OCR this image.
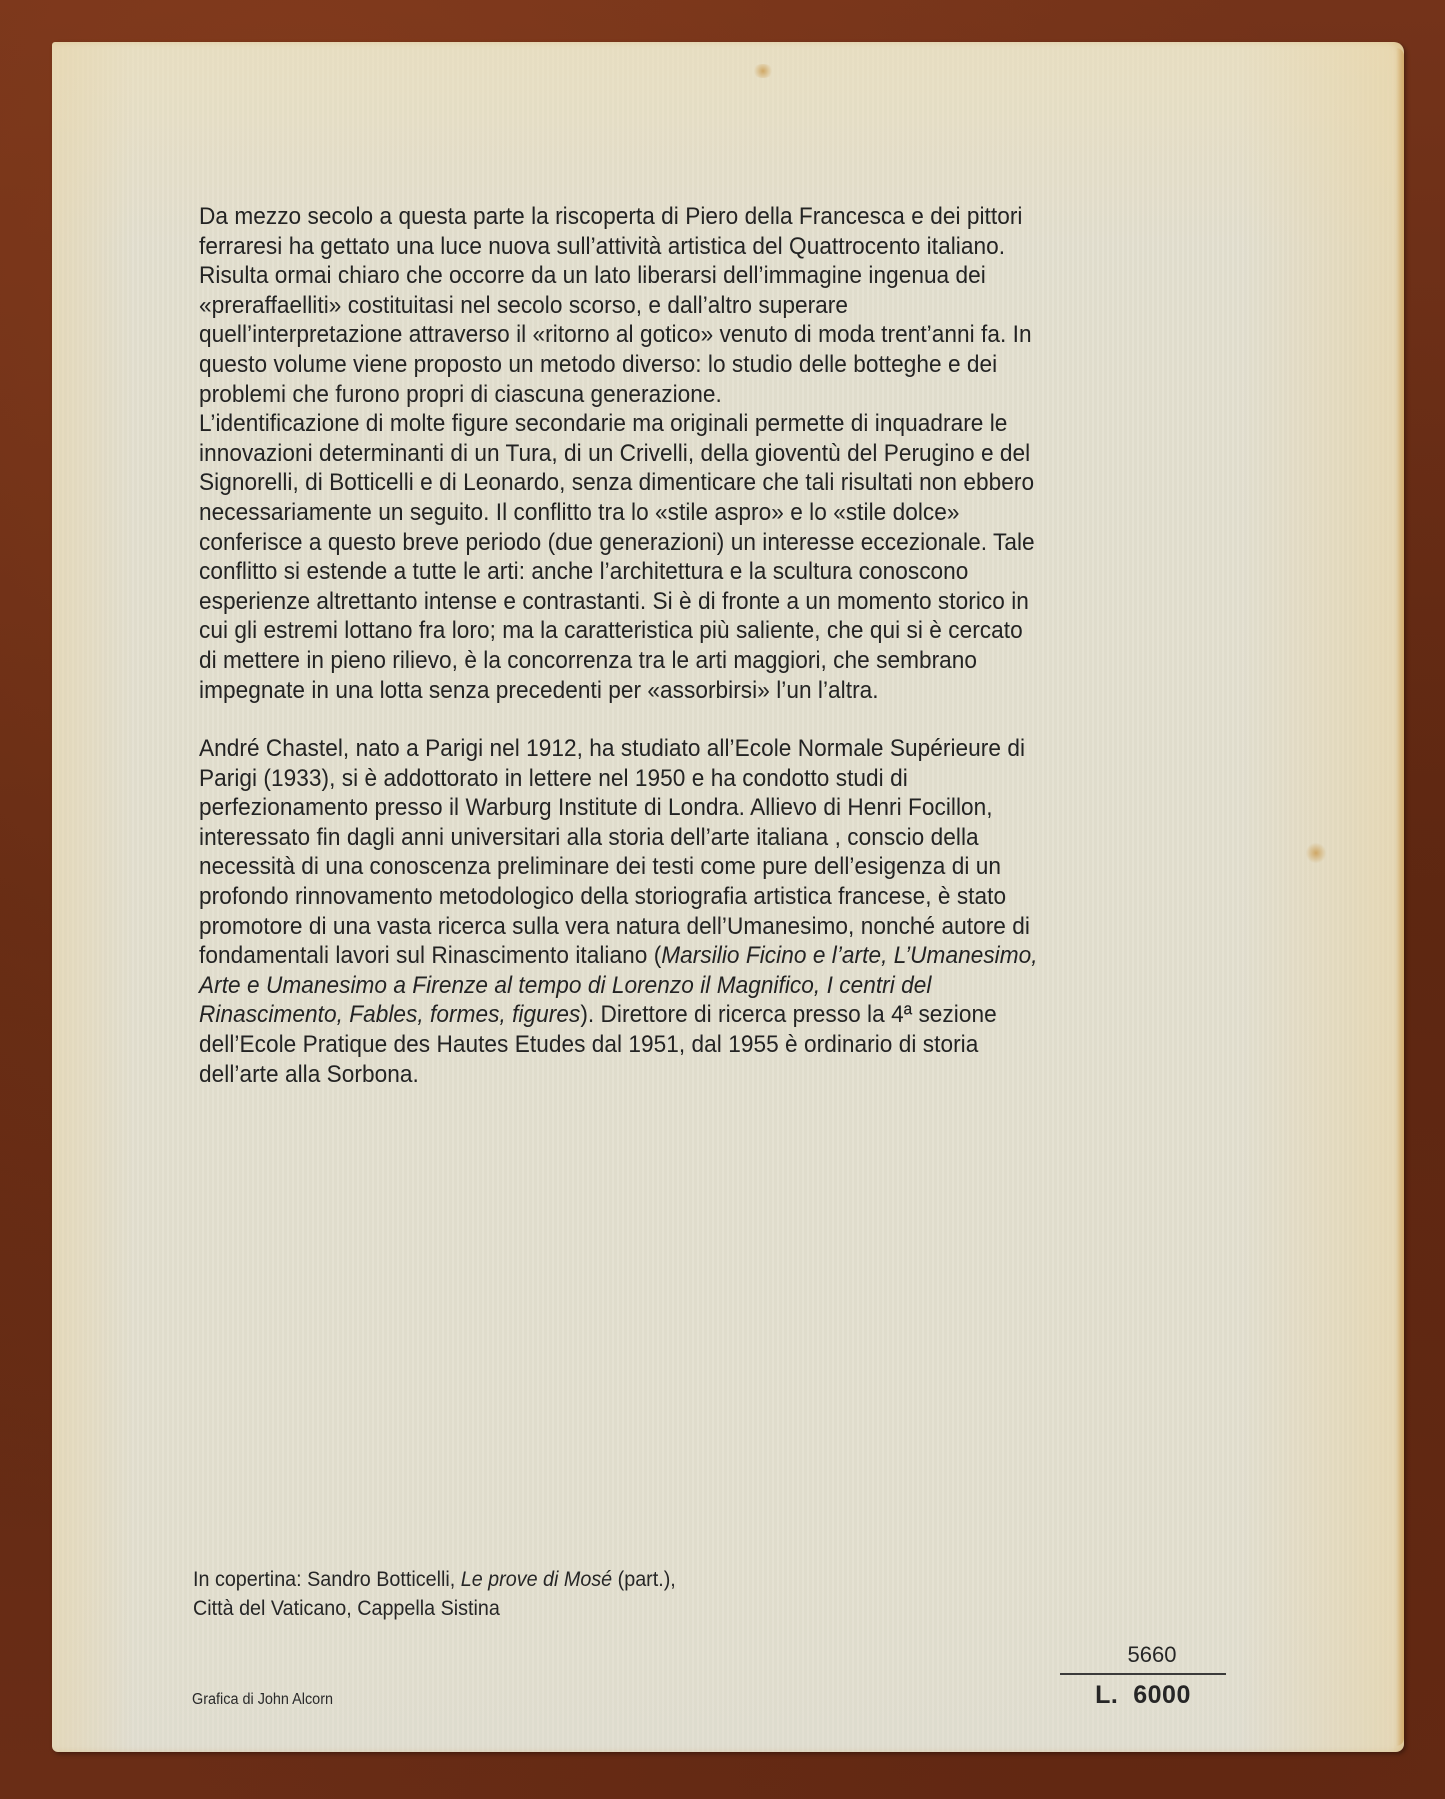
Da mezzo secolo a questa parte la riscoperta di Piero della Francesca e dei pittori

ferraresi ha gettato una luce nuova sull’attività artistica del Quattrocento italiano.

Risulta ormai chiaro che occorre da un lato liberarsi dell’immagine ingenua dei

«preraffaelliti» costituitasi nel secolo scorso, e dall’altro superare

quell’interpretazione attraverso il «ritorno al gotico» venuto di moda trent’anni fa. In

questo volume viene proposto un metodo diverso: lo studio delle botteghe e dei

problemi che furono propri di ciascuna generazione.

L’identificazione di molte figure secondarie ma originali permette di inquadrare le

innovazioni determinanti di un Tura, di un Crivelli, della gioventù del Perugino e del

Signorelli, di Botticelli e di Leonardo, senza dimenticare che tali risultati non ebbero

necessariamente un seguito. Il conflitto tra lo «stile aspro» e lo «stile dolce»

conferisce a questo breve periodo (due generazioni) un interesse eccezionale. Tale

conflitto si estende a tutte le arti: anche l’architettura e la scultura conoscono

esperienze altrettanto intense e contrastanti. Si è di fronte a un momento storico in

cui gli estremi lottano fra loro; ma la caratteristica più saliente, che qui si è cercato

di mettere in pieno rilievo, è la concorrenza tra le arti maggiori, che sembrano

impegnate in una lotta senza precedenti per «assorbirsi» l’un l’altra.

André Chastel, nato a Parigi nel 1912, ha studiato all’Ecole Normale Supérieure di

Parigi (1933), si è addottorato in lettere nel 1950 e ha condotto studi di

perfezionamento presso il Warburg Institute di Londra. Allievo di Henri Focillon,

interessato fin dagli anni universitari alla storia dell’arte italiana , conscio della

necessità di una conoscenza preliminare dei testi come pure dell’esigenza di un

profondo rinnovamento metodologico della storiografia artistica francese, è stato

promotore di una vasta ricerca sulla vera natura dell’Umanesimo, nonché autore di

fondamentali lavori sul Rinascimento italiano (Marsilio Ficino e l’arte, L’Umanesimo,

Arte e Umanesimo a Firenze al tempo di Lorenzo il Magnifico, I centri del

Rinascimento, Fables, formes, figures). Direttore di ricerca presso la 4ª sezione

dell’Ecole Pratique des Hautes Etudes dal 1951, dal 1955 è ordinario di storia

dell’arte alla Sorbona.

In copertina: Sandro Botticelli, Le prove di Mosé (part.),

Città del Vaticano, Cappella Sistina

Grafica di John Alcorn
5660
L.  6000
